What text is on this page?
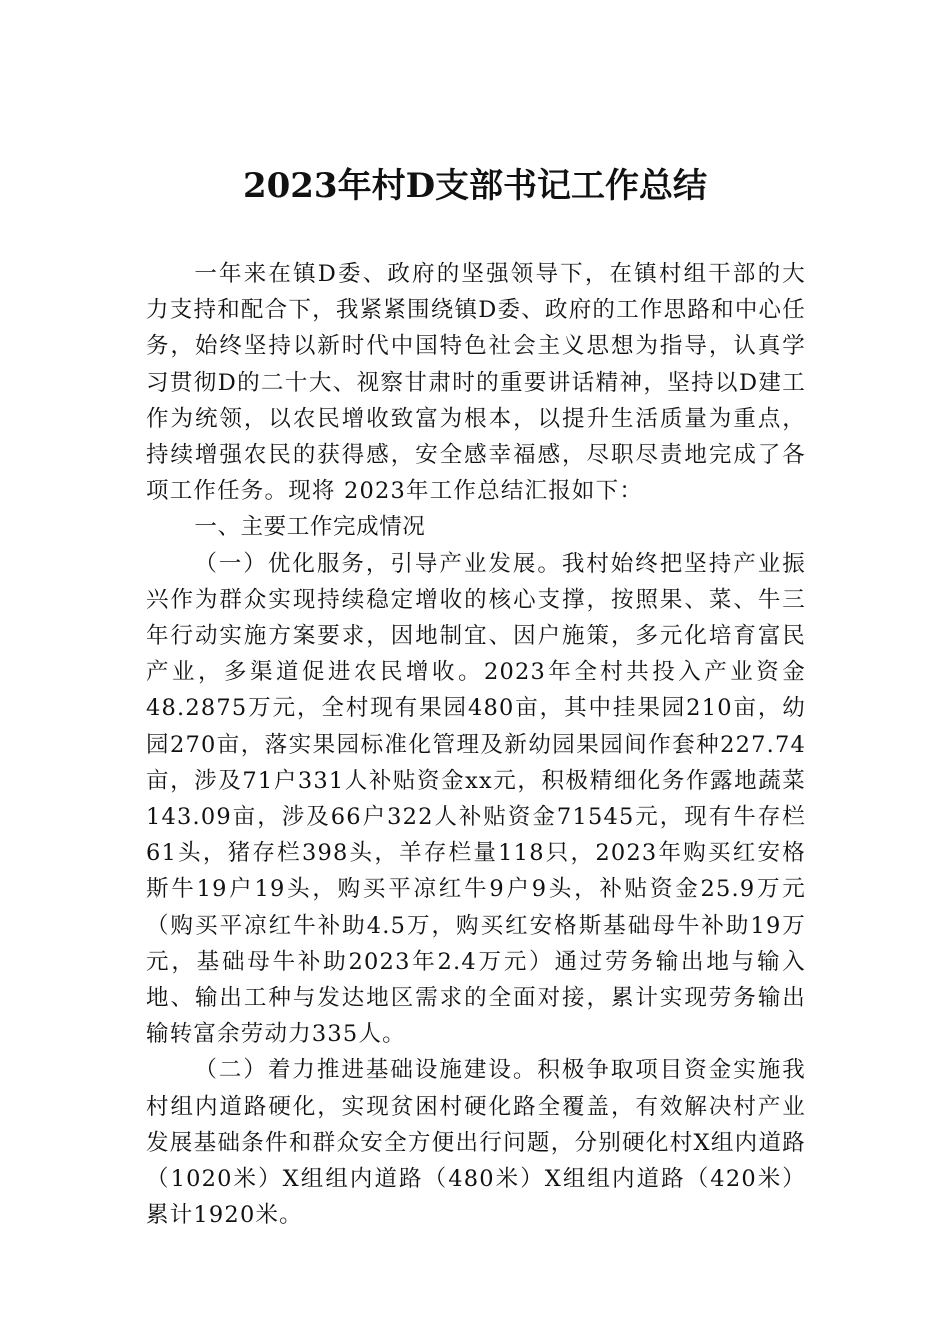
2023年村D支部书记工作总结

一年来在镇D委、政府的坚强领导下，在镇村组干部的大力支持和配合下，我紧紧围绕镇D委、政府的工作思路和中心任务，始终坚持以新时代中国特色社会主义思想为指导，认真学习贯彻D的二十大、视察甘肃时的重要讲话精神，坚持以D建工作为统领，以农民增收致富为根本，以提升生活质量为重点，持续增强农民的获得感，安全感幸福感，尽职尽责地完成了各项工作任务。现将 2023年工作总结汇报如下：

一、主要工作完成情况

（一）优化服务，引导产业发展。我村始终把坚持产业振兴作为群众实现持续稳定增收的核心支撑，按照果、菜、牛三年行动实施方案要求，因地制宜、因户施策，多元化培育富民产业，多渠道促进农民增收。2023年全村共投入产业资金48.2875万元，全村现有果园480亩，其中挂果园210亩，幼园270亩，落实果园标准化管理及新幼园果园间作套种227.74亩，涉及71户331人补贴资金xx元，积极精细化务作露地蔬菜143.09亩，涉及66户322人补贴资金71545元，现有牛存栏61头，猪存栏398头，羊存栏量118只，2023年购买红安格斯牛19户19头，购买平凉红牛9户9头，补贴资金25.9万元（购买平凉红牛补助4.5万，购买红安格斯基础母牛补助19万元，基础母牛补助2023年2.4万元）通过劳务输出地与输入地、输出工种与发达地区需求的全面对接，累计实现劳务输出输转富余劳动力335人。

（二）着力推进基础设施建设。积极争取项目资金实施我村组内道路硬化，实现贫困村硬化路全覆盖，有效解决村产业发展基础条件和群众安全方便出行问题，分别硬化村X组内道路（1020米）X组组内道路（480米）X组组内道路（420米）累计1920米。
